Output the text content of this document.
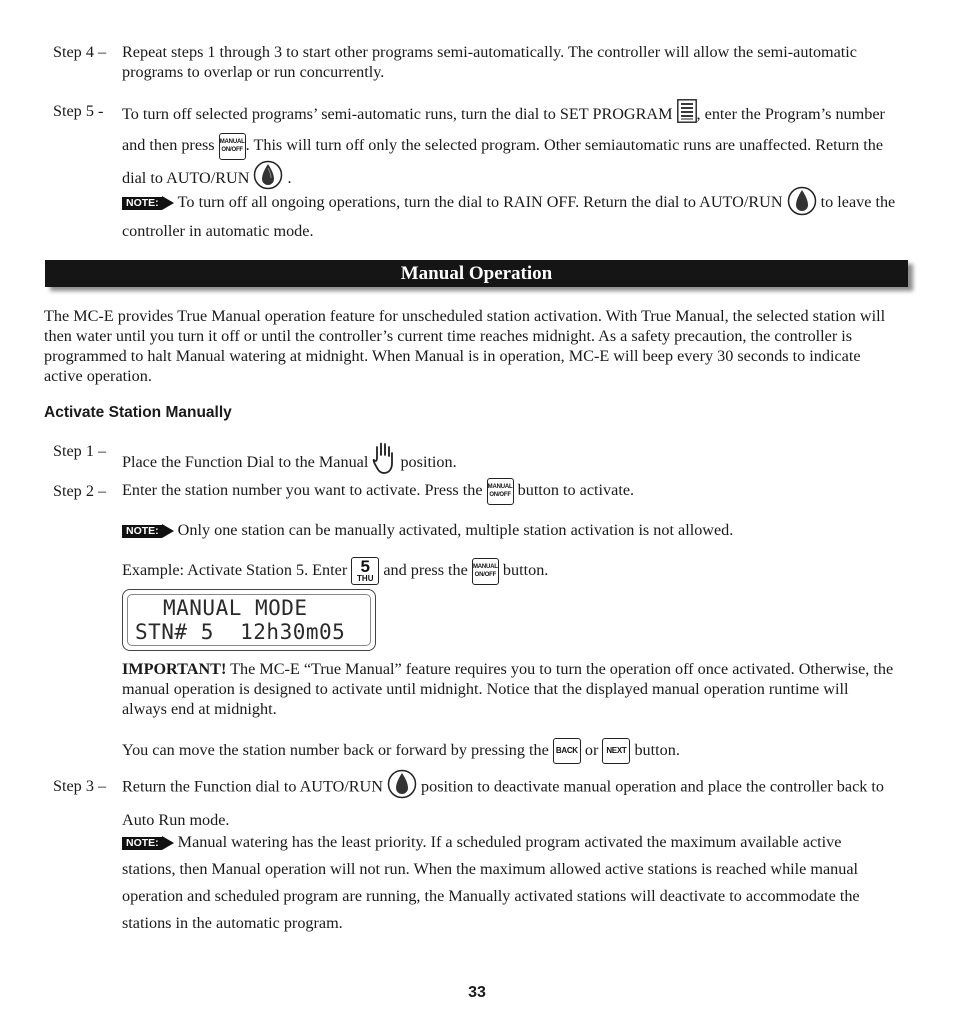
Step 4 – Repeat steps 1 through 3 to start other programs semi-automatically. The controller will allow the semi-automatic programs to overlap or run concurrently.
Step 5 - To turn off selected programs’ semi-automatic runs, turn the dial to SET PROGRAM , enter the Program’s number and then press MANUAL
ON/OFF . This will turn off only the selected program. Other semiautomatic runs are unaffected. Return the dial to AUTO/RUN .
NOTE: To turn off all ongoing operations, turn the dial to RAIN OFF. Return the dial to AUTO/RUN to leave the controller in automatic mode.
Manual Operation
The MC-E provides True Manual operation feature for unscheduled station activation. With True Manual, the selected station will then water until you turn it off or until the controller’s current time reaches midnight. As a safety precaution, the controller is programmed to halt Manual watering at midnight. When Manual is in operation, MC-E will beep every 30 seconds to indicate active operation.
Activate Station Manually
Step 1 –
Place the Function Dial to the Manual position.
Step 2 – Enter the station number you want to activate. Press the MANUAL
ON/OFF button to activate.
NOTE: Only one station can be manually activated, multiple station activation is not allowed.
Example: Activate Station 5. Enter 5
THU and press the MANUAL
ON/OFF button.
MANUAL MODE
STN# 5  12h30m05
IMPORTANT! The MC-E “True Manual” feature requires you to turn the operation off once activated. Otherwise, the manual operation is designed to activate until midnight. Notice that the displayed manual operation runtime will always end at midnight.
You can move the station number back or forward by pressing the BACK or NEXT button.
Step 3 – Return the Function dial to AUTO/RUN position to deactivate manual operation and place the controller back to Auto Run mode.
NOTE: Manual watering has the least priority. If a scheduled program activated the maximum available active stations, then Manual operation will not run. When the maximum allowed active stations is reached while manual operation and scheduled program are running, the Manually activated stations will deactivate to accommodate the stations in the automatic program.
33
